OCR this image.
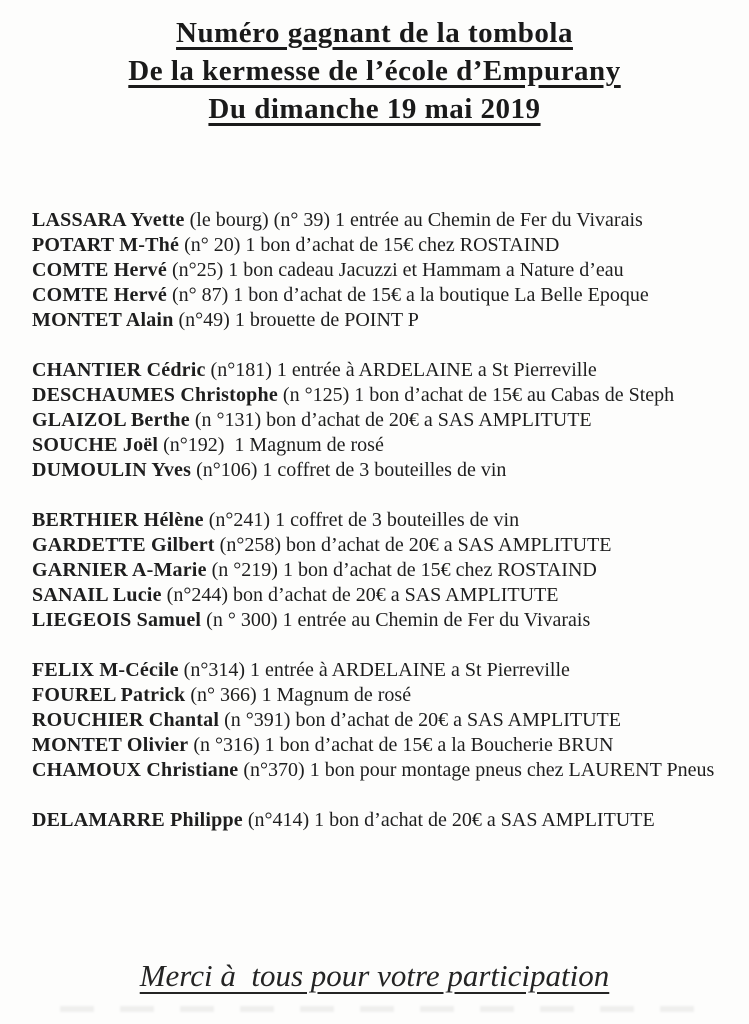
Numéro gagnant de la tombola
De la kermesse de l’école d’Empurany
Du dimanche 19 mai 2019

LASSARA Yvette (le bourg) (n° 39) 1 entrée au Chemin de Fer du Vivarais

POTART M-Thé (n° 20) 1 bon d’achat de 15€ chez ROSTAIND

COMTE Hervé (n°25) 1 bon cadeau Jacuzzi et Hammam a Nature d’eau

COMTE Hervé (n° 87) 1 bon d’achat de 15€ a la boutique La Belle Epoque

MONTET Alain (n°49) 1 brouette de POINT P

CHANTIER Cédric (n°181) 1 entrée à ARDELAINE a St Pierreville

DESCHAUMES Christophe (n °125) 1 bon d’achat de 15€ au Cabas de Steph

GLAIZOL Berthe (n °131) bon d’achat de 20€ a SAS AMPLITUTE

SOUCHE Joël (n°192)  1 Magnum de rosé

DUMOULIN Yves (n°106) 1 coffret de 3 bouteilles de vin

BERTHIER Hélène (n°241) 1 coffret de 3 bouteilles de vin

GARDETTE Gilbert (n°258) bon d’achat de 20€ a SAS AMPLITUTE

GARNIER A-Marie (n °219) 1 bon d’achat de 15€ chez ROSTAIND

SANAIL Lucie (n°244) bon d’achat de 20€ a SAS AMPLITUTE

LIEGEOIS Samuel (n ° 300) 1 entrée au Chemin de Fer du Vivarais

FELIX M-Cécile (n°314) 1 entrée à ARDELAINE a St Pierreville

FOUREL Patrick (n° 366) 1 Magnum de rosé

ROUCHIER Chantal (n °391) bon d’achat de 20€ a SAS AMPLITUTE

MONTET Olivier (n °316) 1 bon d’achat de 15€ a la Boucherie BRUN

CHAMOUX Christiane (n°370) 1 bon pour montage pneus chez LAURENT Pneus

DELAMARRE Philippe (n°414) 1 bon d’achat de 20€ a SAS AMPLITUTE

Merci à  tous pour votre participation
